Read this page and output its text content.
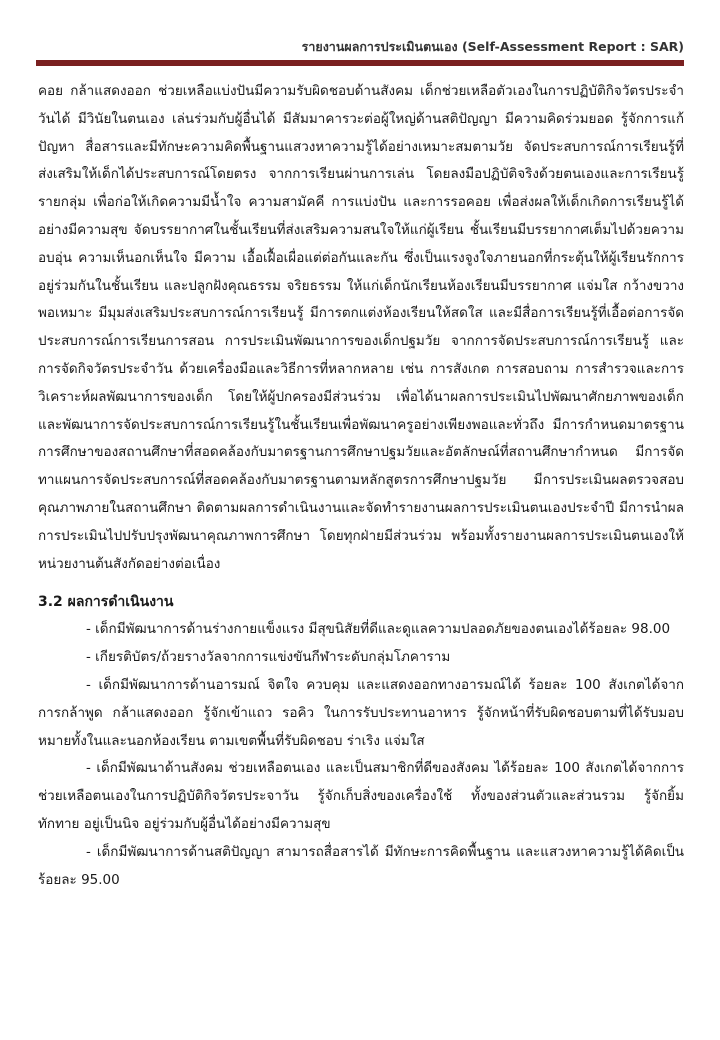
รายงานผลการประเมินตนเอง (Self-Assessment Report : SAR)

คอย กล้าแสดงออก ช่วยเหลือแบ่งปันมีความรับผิดชอบด้านสังคม เด็กช่วยเหลือตัวเองในการปฏิบัติกิจวัตรประจำวันได้ มีวินัยในตนเอง เล่นร่วมกับผู้อื่นได้ มีสัมมาคารวะต่อผู้ใหญ่ด้านสติปัญญา มีความคิดร่วมยอด รู้จักการแก้ปัญหา สื่อสารและมีทักษะความคิดพื้นฐานแสวงหาความรู้ได้อย่างเหมาะสมตามวัย จัดประสบการณ์การเรียนรู้ที่ส่งเสริมให้เด็กได้ประสบการณ์โดยตรง จากการเรียนผ่านการเล่น โดยลงมือปฏิบัติจริงด้วยตนเองและการเรียนรู้รายกลุ่ม เพื่อก่อให้เกิดความมีน้ำใจ ความสามัคคี การแบ่งปัน และการรอคอย เพื่อส่งผลให้เด็กเกิดการเรียนรู้ได้อย่างมีความสุข จัดบรรยากาศในชั้นเรียนที่ส่งเสริมความสนใจให้แก่ผู้เรียน ชั้นเรียนมีบรรยากาศเต็มไปด้วยความอบอุ่น ความเห็นอกเห็นใจ มีความ เอื้อเฝื้อเผื่อแต่ต่อกันและกัน ซึ่งเป็นแรงจูงใจภายนอกที่กระตุ้นให้ผู้เรียนรักการอยู่ร่วมกันในชั้นเรียน และปลูกฝังคุณธรรม จริยธรรม ให้แก่เด็กนักเรียนห้องเรียนมีบรรยากาศ แจ่มใส กว้างขวางพอเหมาะ มีมุมส่งเสริมประสบการณ์การเรียนรู้ มีการตกแต่งห้องเรียนให้สดใส และมีสื่อการเรียนรู้ที่เอื้อต่อการจัดประสบการณ์การเรียนการสอน การประเมินพัฒนาการของเด็กปฐมวัย จากการจัดประสบการณ์การเรียนรู้ และการจัดกิจวัตรประจำวัน ด้วยเครื่องมือและวิธีการที่หลากหลาย เช่น การสังเกต การสอบถาม การสำรวจและการวิเคราะห์ผลพัฒนาการของเด็ก โดยให้ผู้ปกครองมีส่วนร่วม เพื่อได้นาผลการประเมินไปพัฒนาศักยภาพของเด็กและพัฒนาการจัดประสบการณ์การเรียนรู้ในชั้นเรียนเพื่อพัฒนาครูอย่างเพียงพอและทั่วถึง มีการกำหนดมาตรฐานการศึกษาของสถานศึกษาที่สอดคล้องกับมาตรฐานการศึกษาปฐมวัยและอัตลักษณ์ที่สถานศึกษากำหนด มีการจัดทาแผนการจัดประสบการณ์ที่สอดคล้องกับมาตรฐานตามหลักสูตรการศึกษาปฐมวัย มีการประเมินผลตรวจสอบคุณภาพภายในสถานศึกษา ติดตามผลการดำเนินงานและจัดทำรายงานผลการประเมินตนเองประจำปี มีการนำผลการประเมินไปปรับปรุงพัฒนาคุณภาพการศึกษา โดยทุกฝ่ายมีส่วนร่วม พร้อมทั้งรายงานผลการประเมินตนเองให้หน่วยงานต้นสังกัดอย่างต่อเนื่อง

3.2 ผลการดำเนินงาน

- เด็กมีพัฒนาการด้านร่างกายแข็งแรง มีสุขนิสัยที่ดีและดูแลความปลอดภัยของตนเองได้ร้อยละ 98.00

- เกียรติบัตร/ถ้วยรางวัลจากการแข่งขันกีฬาระดับกลุ่มโภคาราม

- เด็กมีพัฒนาการด้านอารมณ์ จิตใจ ควบคุม และแสดงออกทางอารมณ์ได้ ร้อยละ 100 สังเกตได้จากการกล้าพูด กล้าแสดงออก รู้จักเข้าแถว รอคิว ในการรับประทานอาหาร รู้จักหน้าที่รับผิดชอบตามที่ได้รับมอบหมายทั้งในและนอกห้องเรียน ตามเขตพื้นที่รับผิดชอบ ร่าเริง แจ่มใส

- เด็กมีพัฒนาด้านสังคม ช่วยเหลือตนเอง และเป็นสมาชิกที่ดีของสังคม ได้ร้อยละ 100 สังเกตได้จากการช่วยเหลือตนเองในการปฏิบัติกิจวัตรประจาวัน รู้จักเก็บสิ่งของเครื่องใช้ ทั้งของส่วนตัวและส่วนรวม รู้จักยิ้ม ทักทาย อยู่เป็นนิจ อยู่ร่วมกับผู้อื่นได้อย่างมีความสุข

- เด็กมีพัฒนาการด้านสติปัญญา สามารถสื่อสารได้ มีทักษะการคิดพื้นฐาน และแสวงหาความรู้ได้คิดเป็นร้อยละ 95.00
